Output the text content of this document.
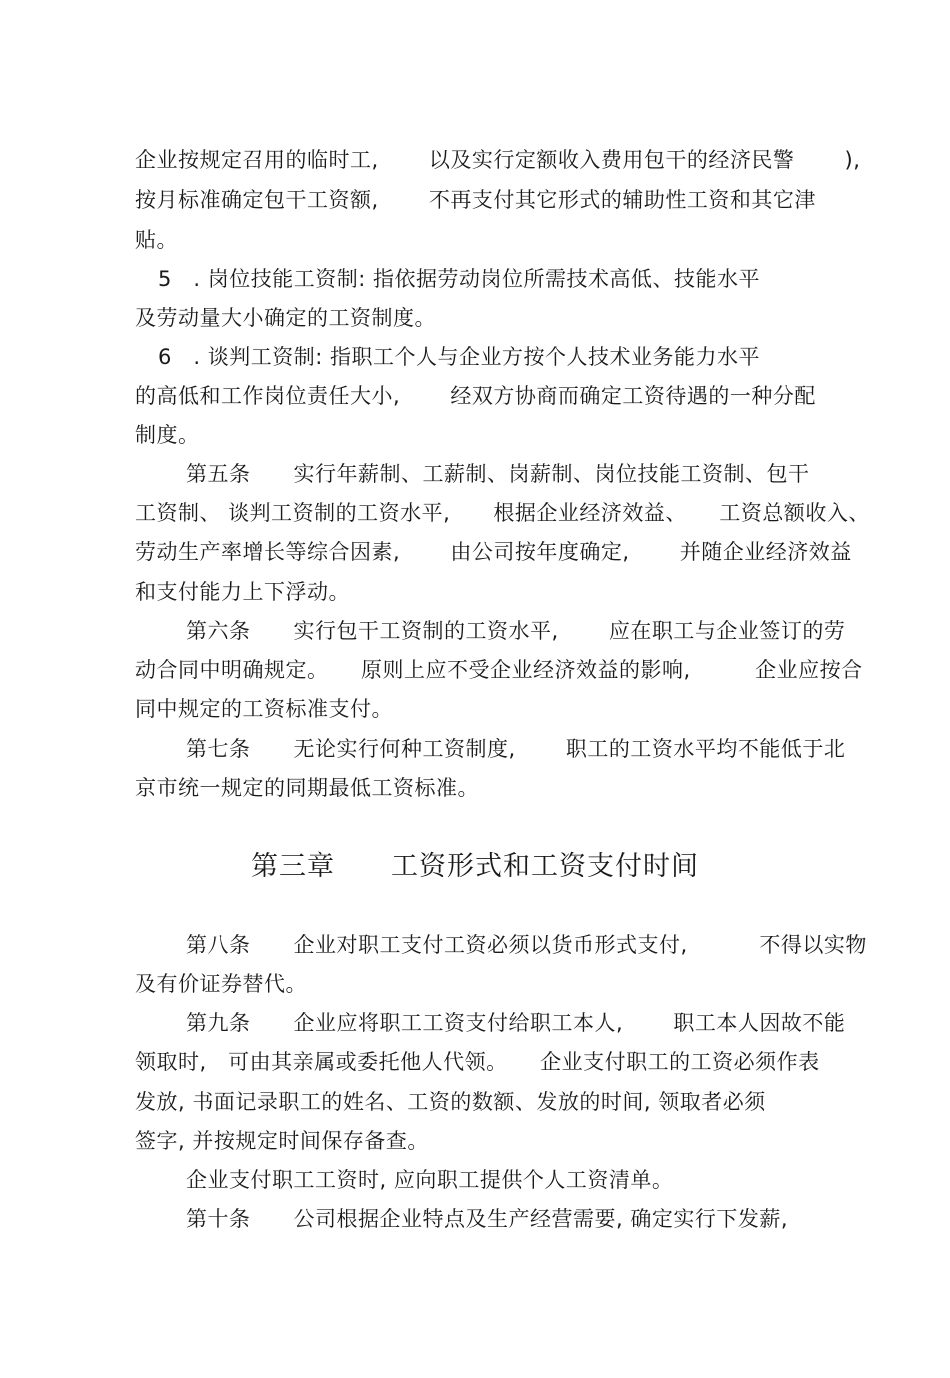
企业按规定召用的临时工,　　 以及实行定额收入费用包干的经济民警　　 ),
按月标准确定包干工资额,　　 不再支付其它形式的辅助性工资和其它津
贴。
5　. 岗位技能工资制: 指依据劳动岗位所需技术高低、技能水平
及劳动量大小确定的工资制度。
6　. 谈判工资制: 指职工个人与企业方按个人技术业务能力水平
的高低和工作岗位责任大小,　　 经双方协商而确定工资待遇的一种分配
制度。
第五条　　实行年薪制、工薪制、岗薪制、岗位技能工资制、包干
工资制、 谈判工资制的工资水平,　　根据企业经济效益、　　工资总额收入、
劳动生产率增长等综合因素,　　 由公司按年度确定,　　 并随企业经济效益
和支付能力上下浮动。
第六条　　实行包干工资制的工资水平,　　 应在职工与企业签订的劳
动合同中明确规定。　　原则上应不受企业经济效益的影响,　　　企业应按合
同中规定的工资标准支付。
第七条　　无论实行何种工资制度,　　 职工的工资水平均不能低于北
京市统一规定的同期最低工资标准。
第三章　　工资形式和工资支付时间
第八条　　企业对职工支付工资必须以货币形式支付,　　　 不得以实物
及有价证券替代。
第九条　　企业应将职工工资支付给职工本人,　　 职工本人因故不能
领取时,　可由其亲属或委托他人代领。　　企业支付职工的工资必须作表
发放, 书面记录职工的姓名、工资的数额、发放的时间, 领取者必须
签字, 并按规定时间保存备查。
企业支付职工工资时, 应向职工提供个人工资清单。
第十条　　公司根据企业特点及生产经营需要, 确定实行下发薪,
